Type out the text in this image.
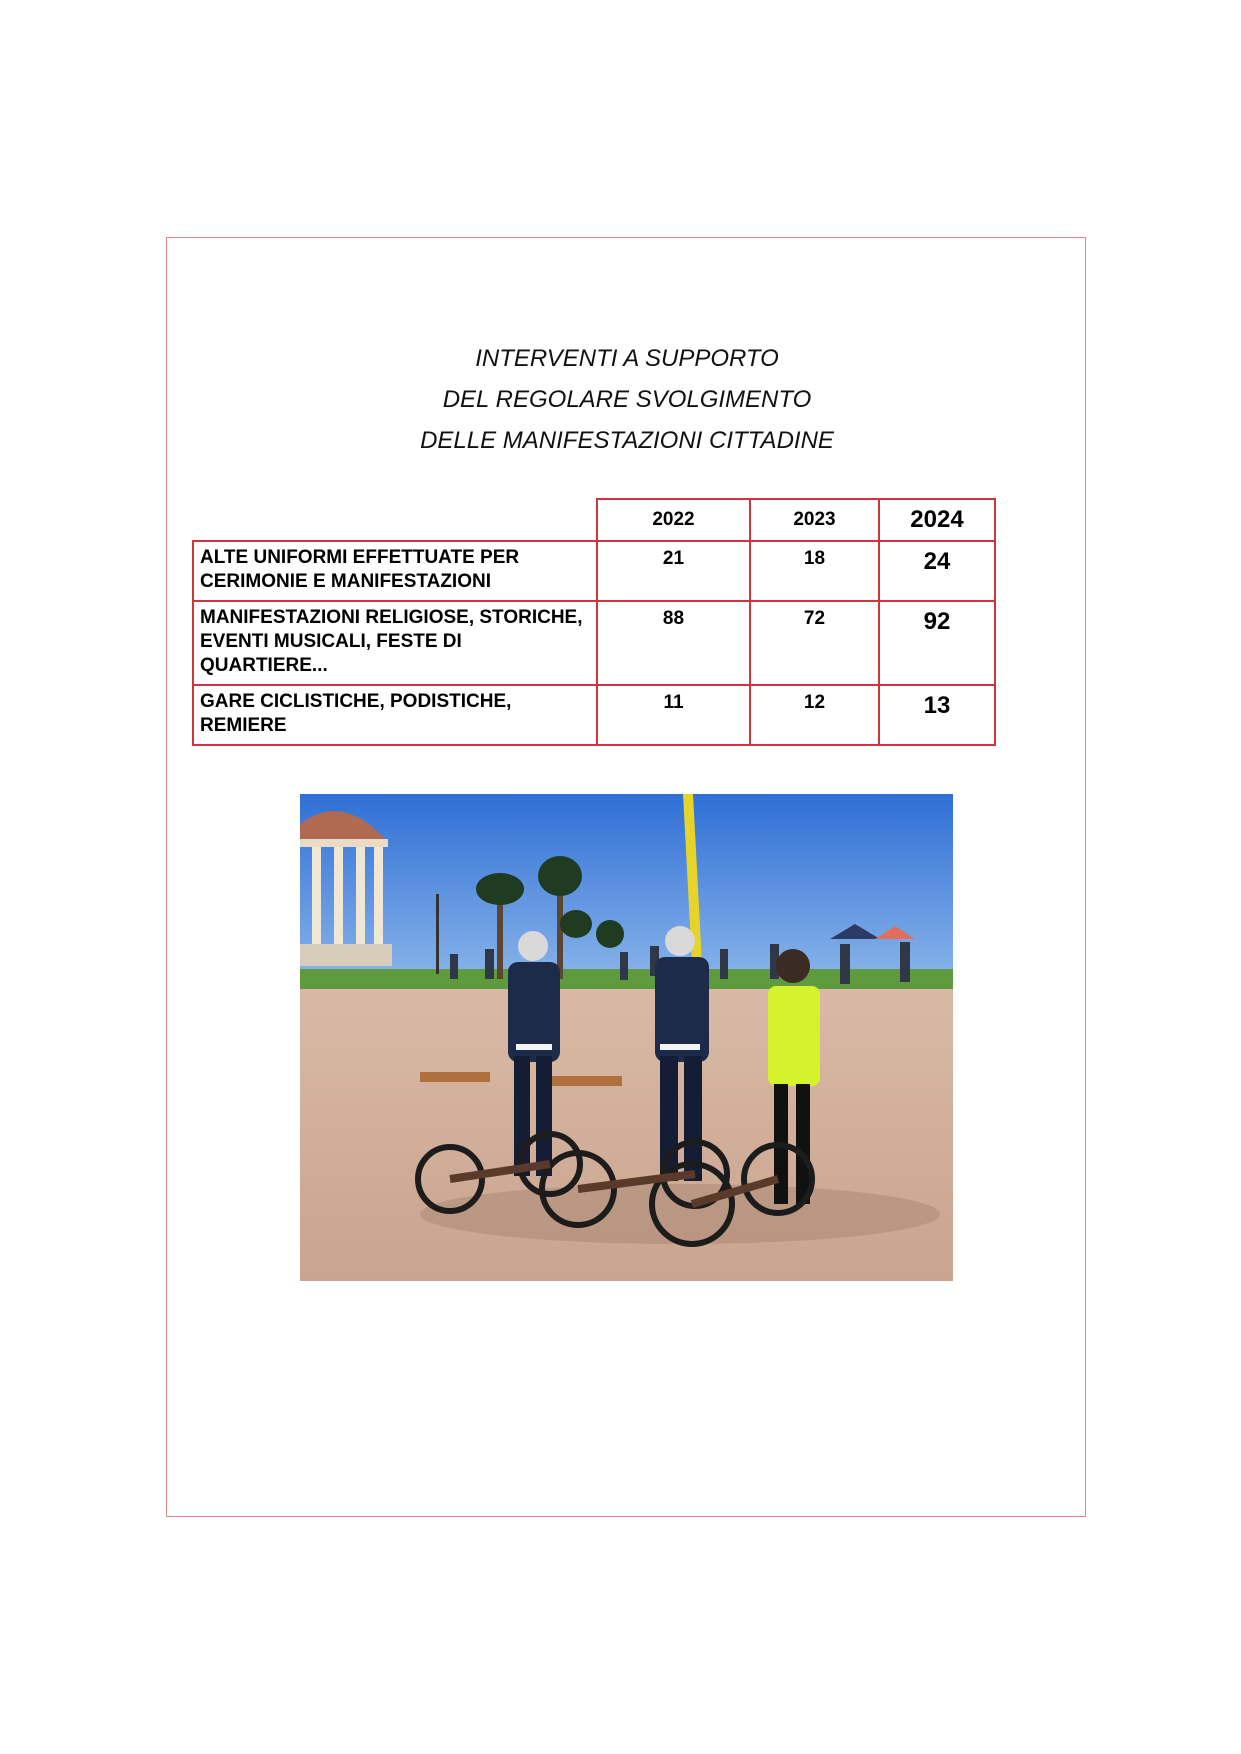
INTERVENTI A SUPPORTO
DEL REGOLARE SVOLGIMENTO
DELLE MANIFESTAZIONI CITTADINE
	2022	2023	2024
ALTE UNIFORMI EFFETTUATE PER CERIMONIE E MANIFESTAZIONI	21	18	24
MANIFESTAZIONI RELIGIOSE, STORICHE, EVENTI MUSICALI, FESTE DI QUARTIERE...	88	72	92
GARE CICLISTICHE, PODISTICHE, REMIERE	11	12	13
